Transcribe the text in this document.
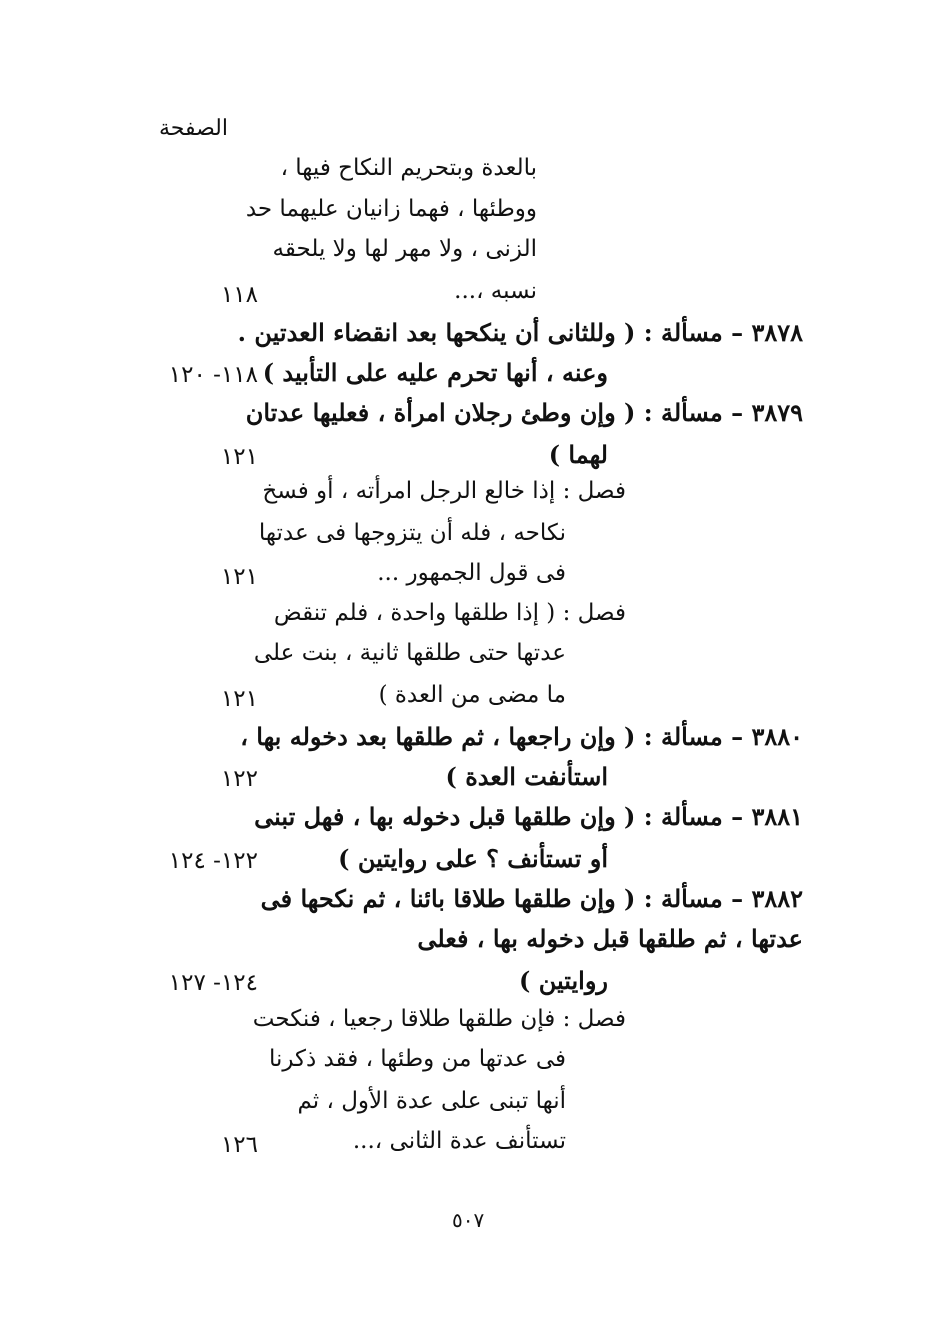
الصفحة
بالعدة وبتحريم النكاح فيها ،
ووطئها ، فهما زانيان عليهما حد
الزنى ، ولا مهر لها ولا يلحقه
نسبه ،...
١١٨
٣٨٧٨ – مسألة : ( وللثانى أن ينكحها بعد انقضاء العدتين .
وعنه ، أنها تحرم عليه على التأبيد )
١١٨- ١٢٠
٣٨٧٩ – مسألة : ( وإن وطئ رجلان امرأة ، فعليها عدتان
لهما )
١٢١
فصل : إذا خالع الرجل امرأته ، أو فسخ
نكاحه ، فله أن يتزوجها فى عدتها
فى قول الجمهور ...
١٢١
فصل : ( إذا طلقها واحدة ، فلم تنقض
عدتها حتى طلقها ثانية ، بنت على
ما مضى من العدة )
١٢١
٣٨٨٠ – مسألة : ( وإن راجعها ، ثم طلقها بعد دخوله بها ،
استأنفت العدة )
١٢٢
٣٨٨١ – مسألة : ( وإن طلقها قبل دخوله بها ، فهل تبنى
أو تستأنف ؟ على روايتين )
١٢٢- ١٢٤
٣٨٨٢ – مسألة : ( وإن طلقها طلاقا بائنا ، ثم نكحها فى
عدتها ، ثم طلقها قبل دخوله بها ، فعلى
روايتين )
١٢٤- ١٢٧
فصل : فإن طلقها طلاقا رجعيا ، فنكحت
فى عدتها من وطئها ، فقد ذكرنا
أنها تبنى على عدة الأول ، ثم
تستأنف عدة الثانى ،...
١٢٦
٥٠٧
